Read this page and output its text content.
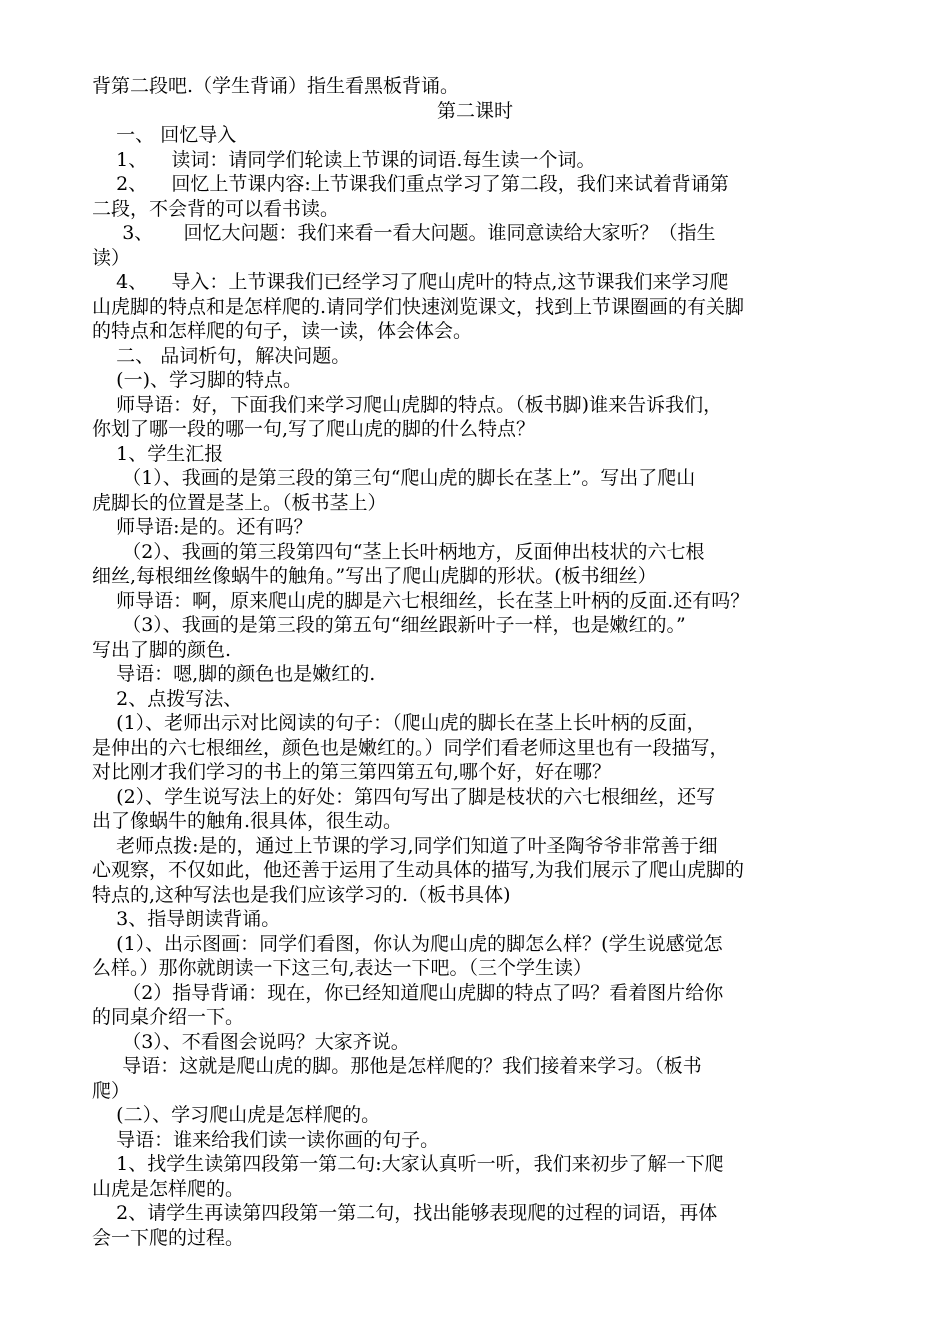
背第二段吧.（学生背诵）指生看黑板背诵。
第二课时
一、 回忆导入
1、    读词：请同学们轮读上节课的词语.每生读一个词。
2、    回忆上节课内容:上节课我们重点学习了第二段，我们来试着背诵第
二段，不会背的可以看书读。
3、     回忆大问题：我们来看一看大问题。谁同意读给大家听？（指生
读）
4、    导入：上节课我们已经学习了爬山虎叶的特点,这节课我们来学习爬
山虎脚的特点和是怎样爬的.请同学们快速浏览课文，找到上节课圈画的有关脚
的特点和怎样爬的句子，读一读，体会体会。
二、 品词析句，解决问题。
(一)、学习脚的特点。
师导语：好，下面我们来学习爬山虎脚的特点。（板书脚)谁来告诉我们，
你划了哪一段的哪一句,写了爬山虎的脚的什么特点？
1、学生汇报
（1）、我画的是第三段的第三句“爬山虎的脚长在茎上”。写出了爬山
虎脚长的位置是茎上。（板书茎上）
师导语:是的。还有吗？
（2）、我画的第三段第四句“茎上长叶柄地方，反面伸出枝状的六七根
细丝,每根细丝像蜗牛的触角。”写出了爬山虎脚的形状。(板书细丝）
师导语：啊，原来爬山虎的脚是六七根细丝，长在茎上叶柄的反面.还有吗？
（3）、我画的是第三段的第五句“细丝跟新叶子一样，也是嫩红的。”
写出了脚的颜色.
导语：嗯,脚的颜色也是嫩红的.
2、点拨写法、
(1）、老师出示对比阅读的句子：（爬山虎的脚长在茎上长叶柄的反面，
是伸出的六七根细丝，颜色也是嫩红的。）同学们看老师这里也有一段描写，
对比刚才我们学习的书上的第三第四第五句,哪个好，好在哪？
(2）、学生说写法上的好处：第四句写出了脚是枝状的六七根细丝，还写
出了像蜗牛的触角.很具体，很生动。
老师点拨:是的，通过上节课的学习,同学们知道了叶圣陶爷爷非常善于细
心观察，不仅如此，他还善于运用了生动具体的描写,为我们展示了爬山虎脚的
特点的,这种写法也是我们应该学习的.（板书具体)
3、指导朗读背诵。
(1）、出示图画：同学们看图，你认为爬山虎的脚怎么样？(学生说感觉怎
么样。）那你就朗读一下这三句,表达一下吧。（三个学生读）
（2）指导背诵：现在，你已经知道爬山虎脚的特点了吗？看着图片给你
的同桌介绍一下。
（3）、不看图会说吗？大家齐说。
导语：这就是爬山虎的脚。那他是怎样爬的？我们接着来学习。（板书
爬）
(二）、学习爬山虎是怎样爬的。
导语：谁来给我们读一读你画的句子。
1、找学生读第四段第一第二句:大家认真听一听，我们来初步了解一下爬
山虎是怎样爬的。
2、请学生再读第四段第一第二句，找出能够表现爬的过程的词语，再体
会一下爬的过程。
